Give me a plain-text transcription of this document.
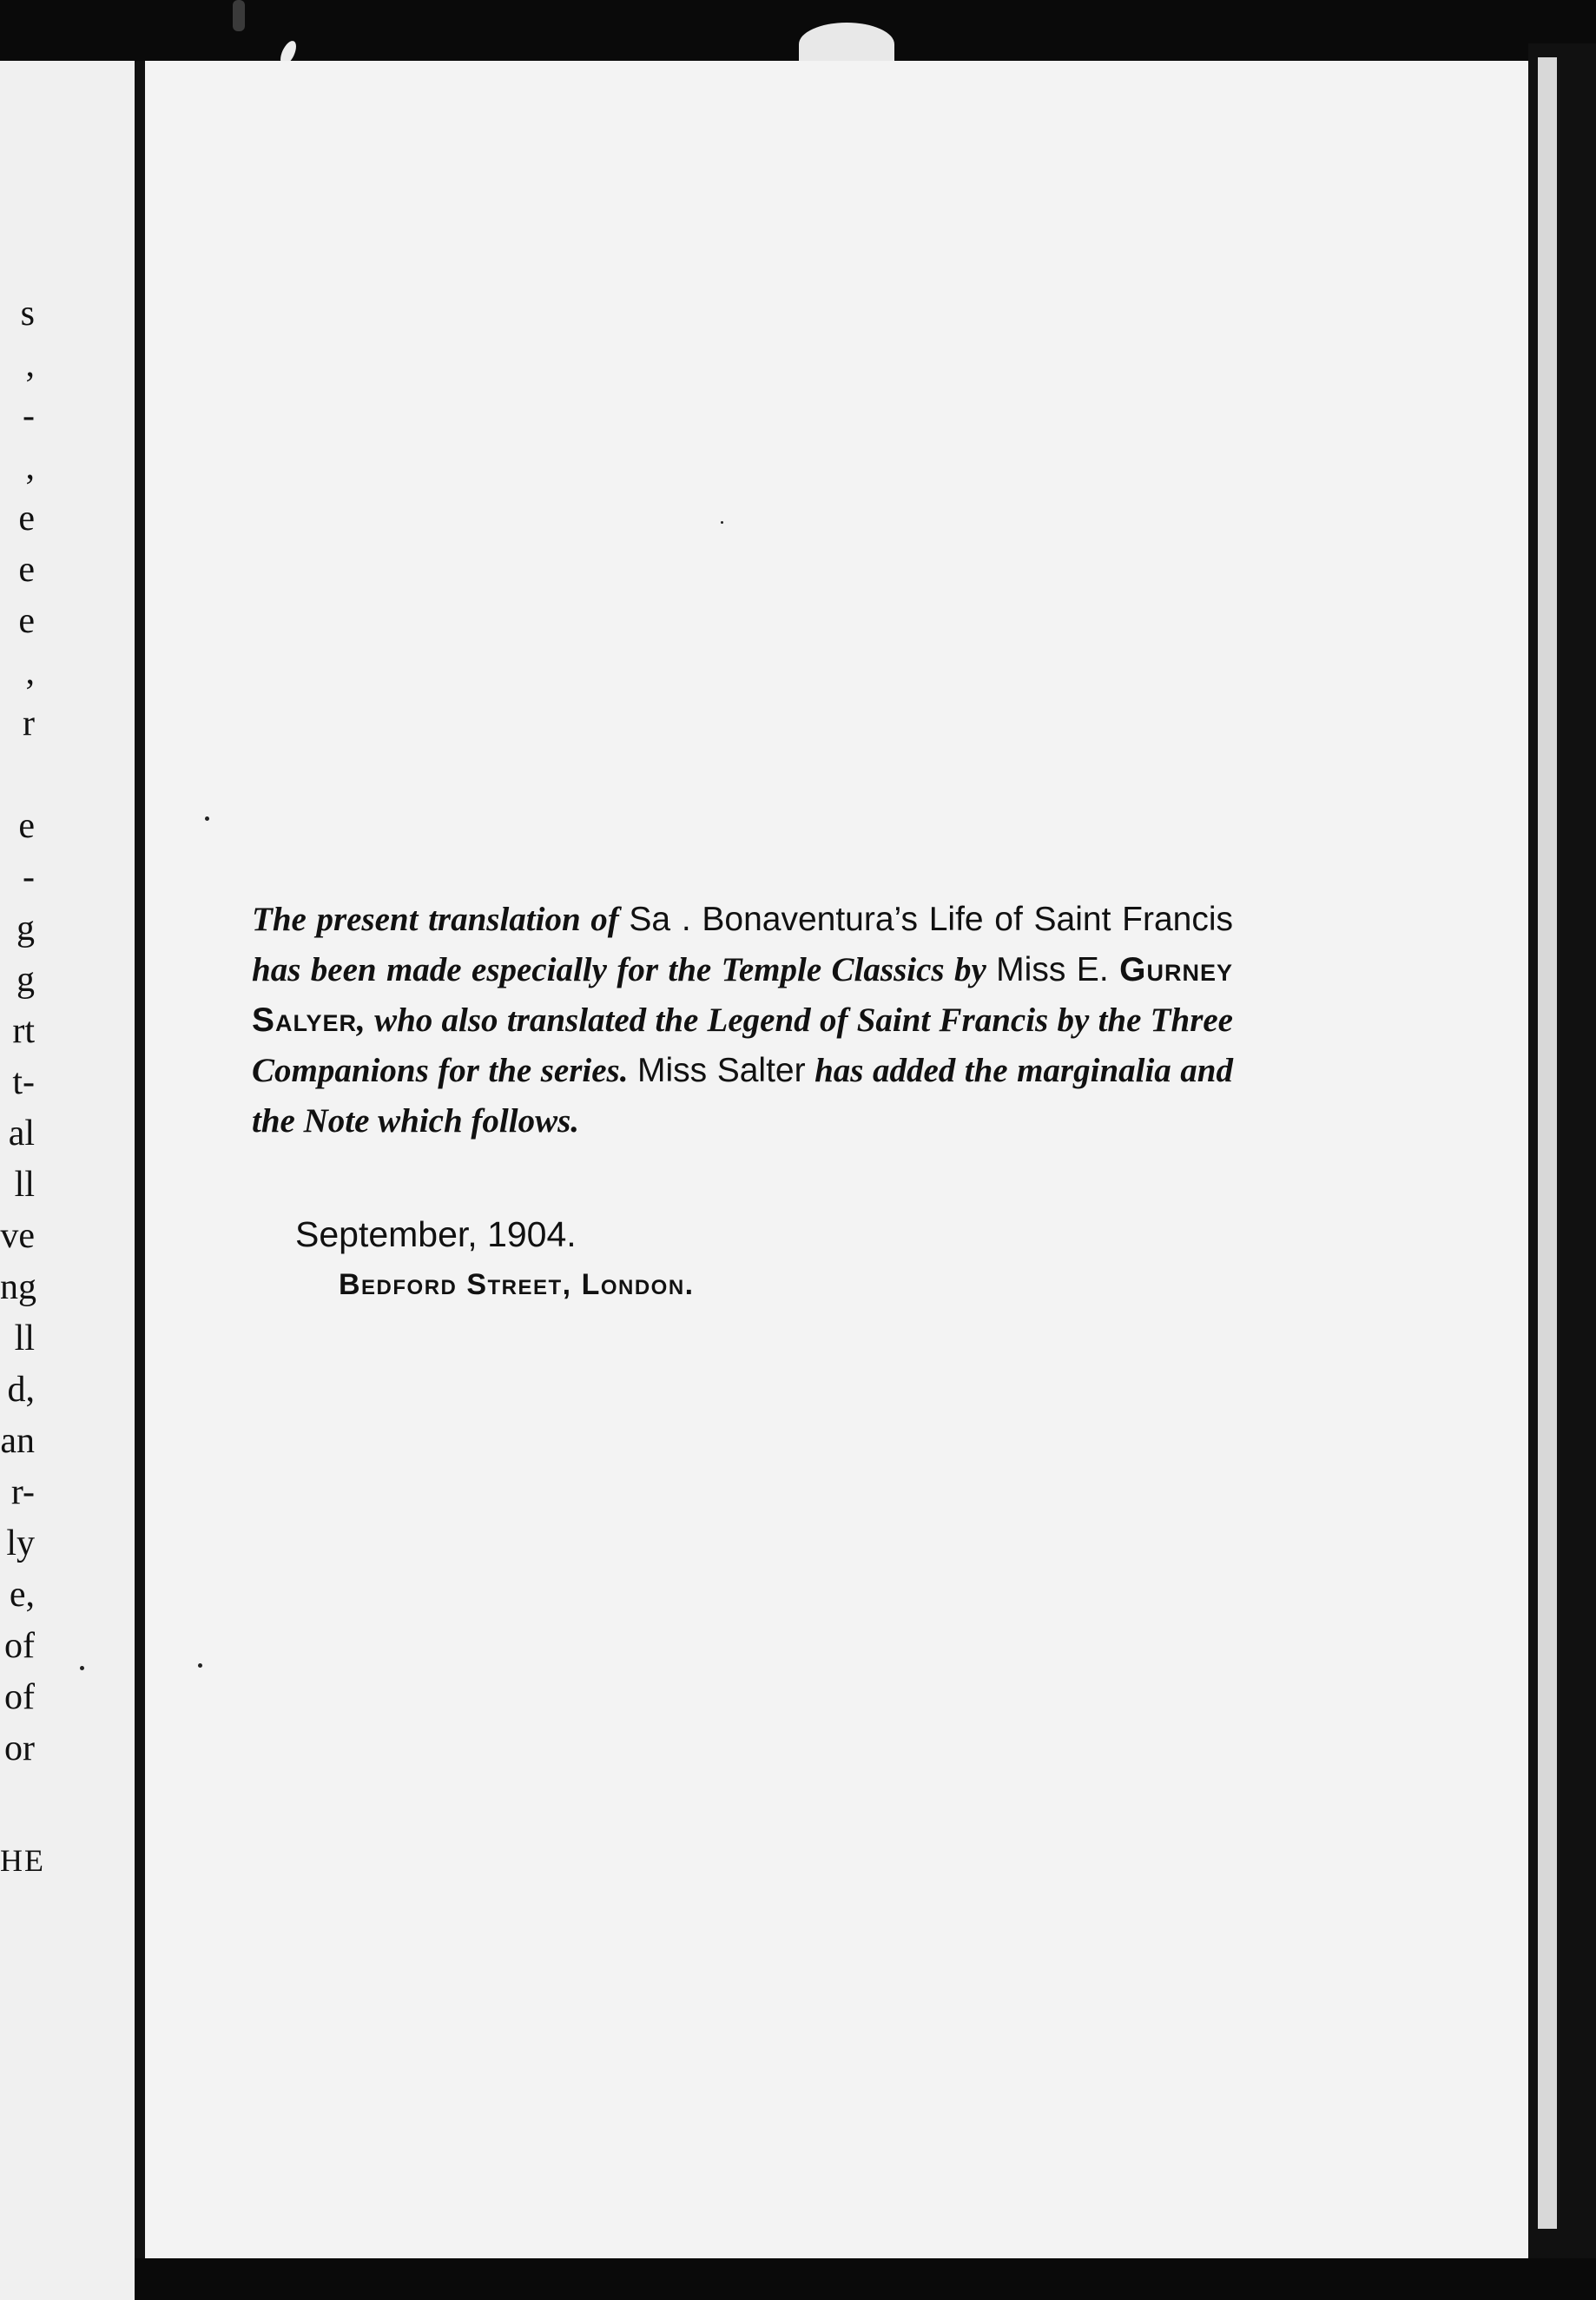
s
,
-
,
e
e
e
,
r
e
-
g
g
rt
t-
al
ll
ve
ng
ll
d,
an
r-
ly
e,
of
of
or
HE

The present translation of Sa . Bonaventura’s Life of Saint Francis has been made especially for the Temple Classics by Miss E. Gurney Salyer, who also translated the Legend of Saint Francis by the Three Companions for the series. Miss Salter has added the marginalia and the Note which follows.

September, 1904.
Bedford Street, London.
